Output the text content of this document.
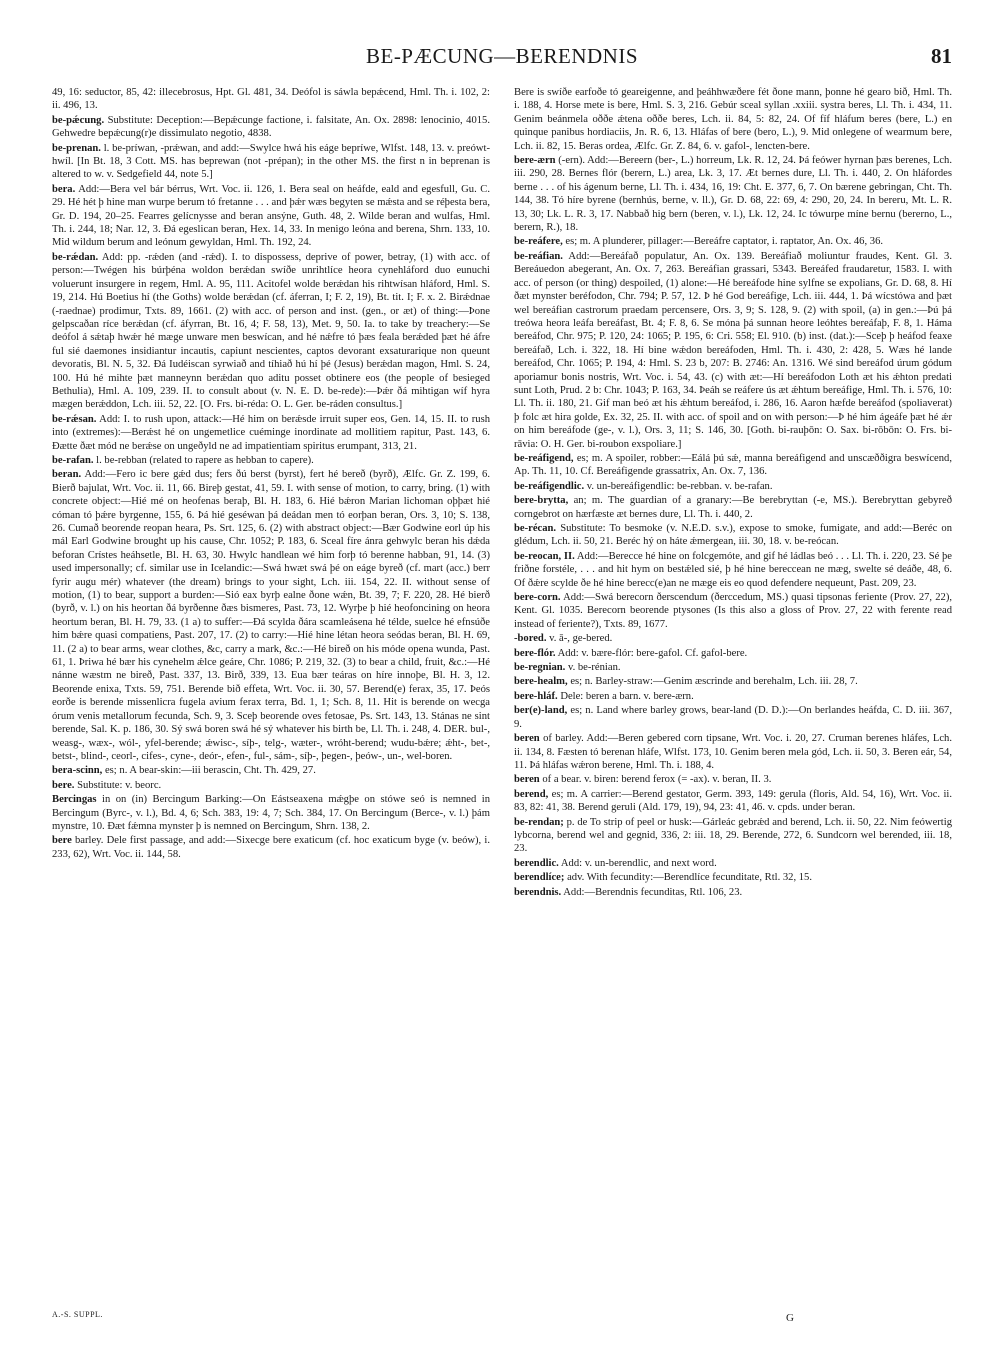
BE-PÆCUNG—BERENDNIS	81

49, 16: seductor, 85, 42: illecebrosus, Hpt. Gl. 481, 34. Deófol is sáwla bepǽcend, Hml. Th. i. 102, 2: ii. 496, 13.

be-pǽcung. Substitute: Deception:—Bepǽcunge factione, i. falsitate, An. Ox. 2898: lenocinio, 4015. Gehwedre bepǽcung(r)e dissimulato negotio, 4838.

be-prenan. l. be-príwan, -prǽwan, and add:—Swylce hwá his eáge bepríwe, Wlfst. 148, 13. v. preówt-hwíl. [In Bt. 18, 3 Cott. MS. has beprewan (not -prépan); in the other MS. the first n in beprenan is altered to w. v. Sedgefield 44, note 5.]

bera. Add:—Bera vel bár bérrus, Wrt. Voc. ii. 126, 1. Bera seal on heáfde, eald and egesfull, Gu. C. 29. Hé hét þ hine man wurpe berum tó fretanne . . . and þǽr wæs begyten se mǽsta and se réþesta bera, Gr. D. 194, 20–25. Fearres gelícnysse and beran ansýne, Guth. 48, 2. Wilde beran and wulfas, Hml. Th. i. 244, 18; Nar. 12, 3. Ðá egeslican beran, Hex. 14, 33. In menigo leóna and berena, Shrn. 133, 10. Mid wildum berum and leónum gewyldan, Hml. Th. 192, 24.

be-rǽdan. Add: pp. -rǽden (and -rǽd). I. to dispossess, deprive of power, betray, (1) with acc. of person:—Twégen his búrþénа woldon berǽdan swíðe unrihtlíce heora cynehláford duo eunuchi voluerunt insurgere in regem, Hml. A. 95, 111. Acitofel wolde berǽdan his rihtwísan hláford, Hml. S. 19, 214. Hú Boetius hí (the Goths) wolde berǽdan (cf. áferran, I; F. 2, 19), Bt. tit. I; F. x. 2. Birǽdnae (-raednae) prodimur, Txts. 89, 1661. (2) with acc. of person and inst. (gen., or æt) of thing:—Þone gelpscaðan ríce berǽdan (cf. áfyrran, Bt. 16, 4; F. 58, 13), Met. 9, 50. Ia. to take by treachery:—Se deófol á sǽtaþ hwǽr hé mæge unware men beswícan, and hé nǽfre tó þæs feala berǽded þæt hé áfre ful sié daemones insidiantur incautis, capiunt nescientes, captos devorant exsaturarique non queunt devoratis, Bl. N. 5, 32. Ðá Iudéiscan syrwiað and tíhiað hú hí þé (Jesus) berǽdan magon, Hml. S. 24, 100. Hú hé mihte þæt manneynn berǽdan quo aditu posset obtinere eos (the people of besieged Bethulia), Hml. A. 109, 239. II. to consult about (v. N. E. D. be-rede):—Þǽr ðá mihtigan wíf hyra mægen berǽddon, Lch. iii. 52, 22. [O. Frs. bi-réda: O. L. Ger. be-ráden consultus.]

be-rǽsan. Add: I. to rush upon, attack:—Hé him on berǽsde irruit super eos, Gen. 14, 15. II. to rush into (extremes):—Berǽst hé on ungemetlice cuéminge inordinate ad mollitiem rapitur, Past. 143, 6. Ðætte ðæt mód ne berǽse on ungeðyld ne ad impatientiam spiritus erumpant, 313, 21.

be-rafan. l. be-rebban (related to rapere as hebban to capere).

beran. Add:—Fero ic bere gǽd dus; fers ðú berst (byrst), fert hé bereð (byrð), Ælfc. Gr. Z. 199, 6. Bierð bajulat, Wrt. Voc. ii. 11, 66. Bireþ gestat, 41, 59. I. with sense of motion, to carry, bring. (1) with concrete object:—Hié mé on heofenas beraþ, Bl. H. 183, 6. Hié bǽron Marian lichoman oþþæt hié cóman tó þǽre byrgenne, 155, 6. Þá hié geséwan þá deádan men tó eorþan beran, Ors. 3, 10; S. 138, 26. Cumað beorende reopan heara, Ps. Srt. 125, 6. (2) with abstract object:—Bær Godwine eorl úp his mál Earl Godwine brought up his cause, Chr. 1052; P. 183, 6. Sceal fíre ánra gehwylc beran his dǽda beforan Crístes heáhsetle, Bl. H. 63, 30. Hwylc handlean wé him forþ tó berenne habban, 91, 14. (3) used impersonally; cf. similar use in Icelandic:—Swá hwæt swá þé on eáge byreð (cf. mart (acc.) berr fyrir augu mér) whatever (the dream) brings to your sight, Lch. iii. 154, 22. II. without sense of motion, (1) to bear, support a burden:—Sió eax byrþ ealne ðone wǽn, Bt. 39, 7; F. 220, 28. Hé bierð (byrð, v. l.) on his heortan ðá byrðenne ðæs bismeres, Past. 73, 12. Wyrþe þ hié heofoncining on heora heortum beran, Bl. H. 79, 33. (1 a) to suffer:—Ðá scylda ðára scamleásena hé télde, suelce hé efnsúðe him bǽre quasi compatiens, Past. 207, 17. (2) to carry:—Hié hine létan heora seódas beran, Bl. H. 69, 11. (2 a) to bear arms, wear clothes, &c, carry a mark, &c.:—Hé bireð on his móde openа wunda, Past. 61, 1. Þriwa hé bær his cynehelm ǽlce geáre, Chr. 1086; P. 219, 32. (3) to bear a child, fruit, &c.:—Hé nánne wæstm ne bireð, Past. 337, 13. Birð, 339, 13. Eua bær teáras on híre innoþe, Bl. H. 3, 12. Beorende enixa, Txts. 59, 751. Berende bið effeta, Wrt. Voc. ii. 30, 57. Berend(e) ferax, 35, 17. Þeós eorðe is berende missenlicra fugela avium ferax terra, Bd. 1, 1; Sch. 8, 11. Hit is berende on wecga órum venis metallorum fecunda, Sch. 9, 3. Sceþ beorende oves fetosae, Ps. Srt. 143, 13. Stánas ne sint berende, Sal. K. p. 186, 30. Sý swá boren swá hé sý whatever his birth be, Ll. Th. i. 248, 4. DER. bul-, weasg-, wæx-, wól-, yfel-berende; ǽwisc-, síþ-, telg-, wæter-, wróht-berend; wudu-bǽre; ǽht-, bet-, betst-, blind-, ceorl-, cifes-, cyne-, deór-, efen-, ful-, sám-, síþ-, þegen-, þeów-, un-, wel-boren.

bera-scinn, es; n. A bear-skin:—iii berascin, Cht. Th. 429, 27.

bere. Substitute: v. beorc.

Bercingas in on (in) Bercingum Barking:—On Eástseaxena mǽgþe on stówe seó is nemned in Bercingum (Byrc-, v. l.), Bd. 4, 6; Sch. 383, 19: 4, 7; Sch. 384, 17. On Bercingum (Berce-, v. l.) þám mynstre, 10. Ðæt fǽmna mynster þ is nemned on Bercingum, Shrn. 138, 2.

bere barley. Dele first passage, and add:—Sixecge bere exaticum (cf. hoc exaticum byge (v. beów), i. 233, 62), Wrt. Voc. ii. 144, 58.

Bere is swíðe earfoðe tó geareigenne, and þeáhhwæðere fét ðone mann, þonne hé gearo bið, Hml. Th. i. 188, 4. Horse mete is bere, Hml. S. 3, 216. Gebúr sceal syllan .xxiii. systra beres, Ll. Th. i. 434, 11. Genim beánmela oððe ǽtena oððe beres, Lch. ii. 84, 5: 82, 24. Of fíf hláfum beres (bere, L.) en quinque panibus hordiaciis, Jn. R. 6, 13. Hláfas of bere (bero, L.), 9. Mid onlegene of wearmum bere, Lch. ii. 82, 15. Beras ordea, Ælfc. Gr. Z. 84, 6. v. gafol-, lencten-bere.

bere-ærn (-ern). Add:—Bereern (ber-, L.) horreum, Lk. R. 12, 24. Þá feówer hyrnan þæs berenes, Lch. iii. 290, 28. Bernes flór (berern, L.) area, Lk. 3, 17. Æt bernes dure, Ll. Th. i. 440, 2. On hláfordes berne . . . of his ágenum berne, Ll. Th. i. 434, 16, 19: Cht. E. 377, 6, 7. On bærene gebringan, Cht. Th. 144, 38. Tó híre byrene (bernhús, berne, v. ll.), Gr. D. 68, 22: 69, 4: 290, 20, 24. In bereru, Mt. L. R. 13, 30; Lk. L. R. 3, 17. Nabbað hig bern (beren, v. l.), Lk. 12, 24. Ic tówurpe míne bernu (bererno, L., berern, R.), 18.

be-reáfere, es; m. A plunderer, pillager:—Bereáfre captator, i. raptator, An. Ox. 46, 36.

be-reáfian. Add:—Bereáfað populatur, An. Ox. 139. Bereáfiað moliuntur fraudes, Kent. Gl. 3. Bereáuedon abegerant, An. Ox. 7, 263. Bereáfian grassari, 5343. Bereáfed fraudaretur, 1583. I. with acc. of person (or thing) despoiled, (1) alone:—Hé bereáfode hine sylfne se expolians, Gr. D. 68, 8. Hí ðæt mynster beréfodon, Chr. 794; P. 57, 12. Þ hé God bereáfige, Lch. iii. 444, 1. Þá wícstówa and þæt wel bereáfian castrorum praedam percensere, Ors. 3, 9; S. 128, 9. (2) with spoil, (a) in gen.:—Þú þá treówa heora leáfa bereáfast, Bt. 4; F. 8, 6. Se móna þá sunnan heore leóhtes bereáfaþ, F. 8, 1. Háma bereáfod, Chr. 975; P. 120, 24: 1065; P. 195, 6: Cri. 558; El. 910. (b) inst. (dat.):—Sceþ þ heáfod feaxe bereáfað, Lch. i. 322, 18. Hí bine wǽdon bereáfoden, Hml. Th. i. 430, 2: 428, 5. Wæs hé lande bereáfod, Chr. 1065; P. 194, 4: Hml. S. 23 b, 207: B. 2746: An. 1316. Wé sind bereáfod úrum gódum aporiamur bonis nostris, Wrt. Voc. i. 54, 43. (c) with æt:—Hí bereáfodon Loth æt his ǽhton predati sunt Loth, Prud. 2 b: Chr. 1043; P. 163, 34. Þeáh se reáfere ús æt ǽhtum bereáfige, Hml. Th. i. 576, 10: Ll. Th. ii. 180, 21. Gif man beó æt his ǽhtum bereáfod, i. 286, 16. Aaron hæfde bereáfod (spoliaverat) þ folc æt hira golde, Ex. 32, 25. II. with acc. of spoil and on with person:—Þ hé him ágeáfe þæt hé ǽr on him bereáfode (ge-, v. l.), Ors. 3, 11; S. 146, 30. [Goth. bi-rauþōn: O. Sax. bi-rōbōn: O. Frs. bi-rāvia: O. H. Ger. bi-roubon exspoliare.]

be-reáfigend, es; m. A spoiler, robber:—Eálá þú sǽ, manna bereáfigend and unscæððigra beswícend, Ap. Th. 11, 10. Cf. Bereáfigende grassatrix, An. Ox. 7, 136.

be-reáfigendlic. v. un-bereáfigendlic: be-rebban. v. be-rafan.

bere-brytta, an; m. The guardian of a granary:—Be berebryttan (-e, MS.). Berebryttan gebyreð corngebrot on hærfæste æt bernes dure, Ll. Th. i. 440, 2.

be-récan. Substitute: To besmoke (v. N.E.D. s.v.), expose to smoke, fumigate, and add:—Beréc on glédum, Lch. ii. 50, 21. Beréc hý on háte ǽmergean, iii. 30, 18. v. be-reócan.

be-reocan, II. Add:—Berecce hé hine on folcgemóte, and gif hé ládlas beó . . . Ll. Th. i. 220, 23. Sé þe friðne forstéle, . . . and hit hym on bestǽled sié, þ hé hine bereccean ne mæg, swelte sé deáðe, 48, 6. Of ðǽre scylde ðe hé hine berecc(e)an ne mæge eis eo quod defendere nequeunt, Past. 209, 23.

bere-corn. Add:—Swá berecorn ðerscendum (ðerccedum, MS.) quasi tipsonas feriente (Prov. 27, 22), Kent. Gl. 1035. Berecorn beorende ptysones (Is this also a gloss of Prov. 27, 22 with ferente read instead of feriente?), Txts. 89, 1677.

-bored. v. ā-, ge-bered.

bere-flór. Add: v. bære-flór: bere-gafol. Cf. gafol-bere.

be-regnian. v. be-rénian.

bere-healm, es; n. Barley-straw:—Genim æscrinde and berehalm, Lch. iii. 28, 7.

bere-hláf. Dele: beren a barn. v. bere-ærn.

ber(e)-land, es; n. Land where barley grows, bear-land (D. D.):—On berlandes heáfda, C. D. iii. 367, 9.

beren of barley. Add:—Beren gebered corn tipsane, Wrt. Voc. i. 20, 27. Cruman berenes hláfes, Lch. ii. 134, 8. Fæsten tó berenan hláfe, Wlfst. 173, 10. Genim beren mela gód, Lch. ii. 50, 3. Beren eár, 54, 11. Þá hláfas wǽron berene, Hml. Th. i. 188, 4.

beren of a bear. v. biren: berend ferox (= -ax). v. beran, II. 3.

berend, es; m. A carrier:—Berend gestator, Germ. 393, 149: gerula (floris, Ald. 54, 16), Wrt. Voc. ii. 83, 82: 41, 38. Berend geruli (Ald. 179, 19), 94, 23: 41, 46. v. cpds. under beran.

be-rendan; p. de To strip of peel or husk:—Gárleác gebrǽd and berend, Lch. ii. 50, 22. Nim feówertig lybcorna, berend wel and gegnid, 336, 2: iii. 18, 29. Berende, 272, 6. Sundcorn wel berended, iii. 18, 23.

berendlic. Add: v. un-berendlic, and next word.

berendlíce; adv. With fecundity:—Berendlíce fecunditate, Rtl. 32, 15.

berendnis. Add:—Berendnis fecunditas, Rtl. 106, 23.

A.-S. SUPPL.	G
